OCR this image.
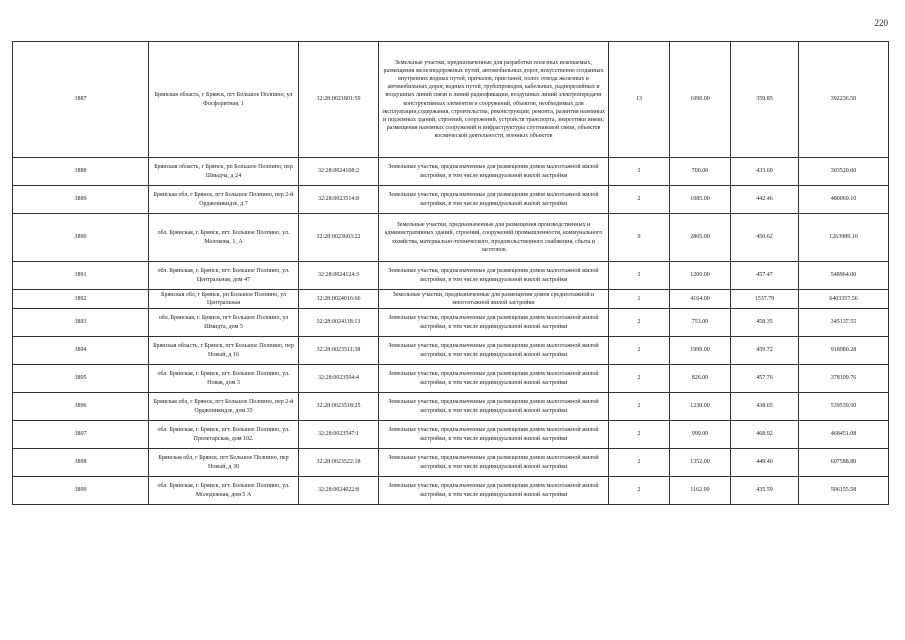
220
3887	Брянская область, г Брянск, пгт Большое Полпино, ул Фосфоритная, 1	32:28:0021801:59	Земельные участки, предназначенные для разработки полезных ископаемых, размещения железнодорожных путей, автомобильных дорог, искусственно созданных внутренних водных путей, причалов, пристаней, полос отвода железных и автомобильных дорог, водных путей, трубопроводов, кабельных, радиорелейных и воздушных линий связи и линий радиофикации, воздушных линий электропередачи конструктивных элементов и сооружений, объектов, необходимых для эксплуатации,содержания, строительства, реконструкции, ремонта, развития наземных и подземных зданий, строений, сооружений, устройств транспорта, энергетики ииязи; размещения наземных сооружений и инфраструктуры спутниковой связи, объектов космической деятельности, военных объектов	13	1090.00	359.85	392236.50
3888	Брянская область, г Брянск, рп Большое Полпино, пер Швыдча, д 24	32:28:0024108:2	Земельные участки, предназначенные для размещения домов малоэтажной жилой застройки, в том числе индивидуальной жилой застройки	2	700.00	433.60	303520.00
3889	Брянская обл, г Брянск, пгт Большое Полпино, пер 2-й Орджоникидзе, д 7	32:28:0023514:8	Земельные участки, предназначенные для размещения домов малоэтажной жилой застройки, в том числе индивидуальной жилой застройки	2	1085.00	442.46	480069.10
3890	обл. Брянская, г. Брянск, пгт. Большое Полпино, ул. Молокова, 1, А	32:28:0023603:22	Земельные участки, предназначенные для размещения производственных и административных зданий, строений, сооружений промышленности, коммунального хозяйства, материально-технического, продовольственного снабжения, сбыта и заготовок	9	2805.00	450.62	1263989.10
3891	обл. Брянская, г. Брянск, пгт. Большое Полпино, ул. Центральная, дом 47	32:28:0024124:3	Земельные участки, предназначенные для размещения домов малоэтажной жилой застройки, в том числе индивидуальной жилой застройки	2	1200.00	457.47	548964.00
3892	Брянская обл, г Брянск, рп Большое Полпино, ул Центральная	32:28:0024016:66	Земельные участки, предназначенные для размещения домов среднеэтажной и многоэтажной жилой застройки	1	4164.00	1537.79	6403357.56
3893	обл. Брянская, г. Брянск, пгт Большое Полпино, ул Шмидта, дом 5	32:28:0024118:13	Земельные участки, предназначенные для размещения домов малоэтажной жилой застройки, в том числе индивидуальной жилой застройки	2	753.00	458.35	345137.55
3894	Брянская область, г Брянск, пгт Большое Полпино, пер Новый, д 16	32:28:0023511:38	Земельные участки, предназначенные для размещения домов малоэтажной жилой застройки, в том числе индивидуальной жилой застройки	2	1999.00	459.72	918980.28
3895	обл. Брянская, г. Брянск, пгт. Большое Полпино, ул. Новая, дом 3	32:28:0023504:4	Земельные участки, предназначенные для размещения домов малоэтажной жилой застройки, в том числе индивидуальной жилой застройки	2	826.00	457.76	378109.76
3896	Брянская обл, г Брянск, пгт Большое Полпино, пер 2-й Орджоникидзе, дом 35	32:28:0023518:25	Земельные участки, предназначенные для размещения домов малоэтажной жилой застройки, в том числе индивидуальной жилой застройки	2	1230.00	438.65	539539.50
3897	обл. Брянская, г. Брянск, пгт. Большое Полпино, ул. Пролетарская, дом 102.	32:28:0023547:1	Земельные участки, предназначенные для размещения домов малоэтажной жилой застройки, в том числе индивидуальной жилой застройки	2	999.00	468.92	468451.08
3898	Брянская обл, г Брянск, пгт Большое Полпино, пер Новый, д 30	32:28:0023522:18	Земельные участки, предназначенные для размещения домов малоэтажной жилой застройки, в том числе индивидуальной жилой застройки	2	1352.00	449.40	607588.80
3899	обл. Брянская, г. Брянск, пгт. Большое Полпино, ул. Молодежная, дом 5 А	32:28:0024022:8	Земельные участки, предназначенные для размещения домов малоэтажной жилой застройки, в том числе индивидуальной жилой застройки	2	1162.00	435.59	506155.58
